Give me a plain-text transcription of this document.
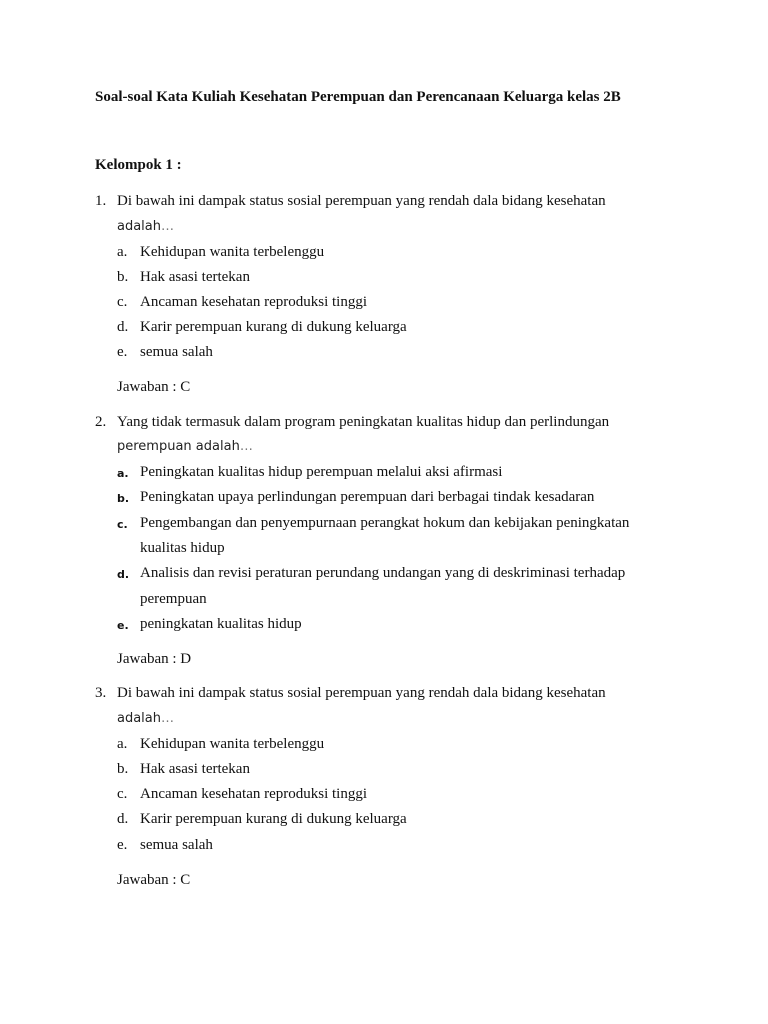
Soal-soal Kata Kuliah Kesehatan Perempuan dan Perencanaan Keluarga kelas 2B
Kelompok 1 :
1. Di bawah ini dampak status sosial perempuan yang rendah dala bidang kesehatan
adalah…
a. Kehidupan wanita terbelenggu
b. Hak asasi tertekan
c. Ancaman kesehatan reproduksi tinggi
d. Karir perempuan kurang di dukung keluarga
e. semua salah
Jawaban : C
2. Yang tidak termasuk dalam program peningkatan kualitas hidup dan perlindungan
perempuan adalah…
a. Peningkatan kualitas hidup perempuan melalui aksi afirmasi
b. Peningkatan upaya perlindungan perempuan dari berbagai tindak kesadaran
c. Pengembangan dan penyempurnaan perangkat hokum dan kebijakan peningkatan
kualitas hidup
d. Analisis dan revisi peraturan perundang undangan yang di deskriminasi terhadap
perempuan
e. peningkatan kualitas hidup
Jawaban : D
3. Di bawah ini dampak status sosial perempuan yang rendah dala bidang kesehatan
adalah…
a. Kehidupan wanita terbelenggu
b. Hak asasi tertekan
c. Ancaman kesehatan reproduksi tinggi
d. Karir perempuan kurang di dukung keluarga
e. semua salah
Jawaban : C
